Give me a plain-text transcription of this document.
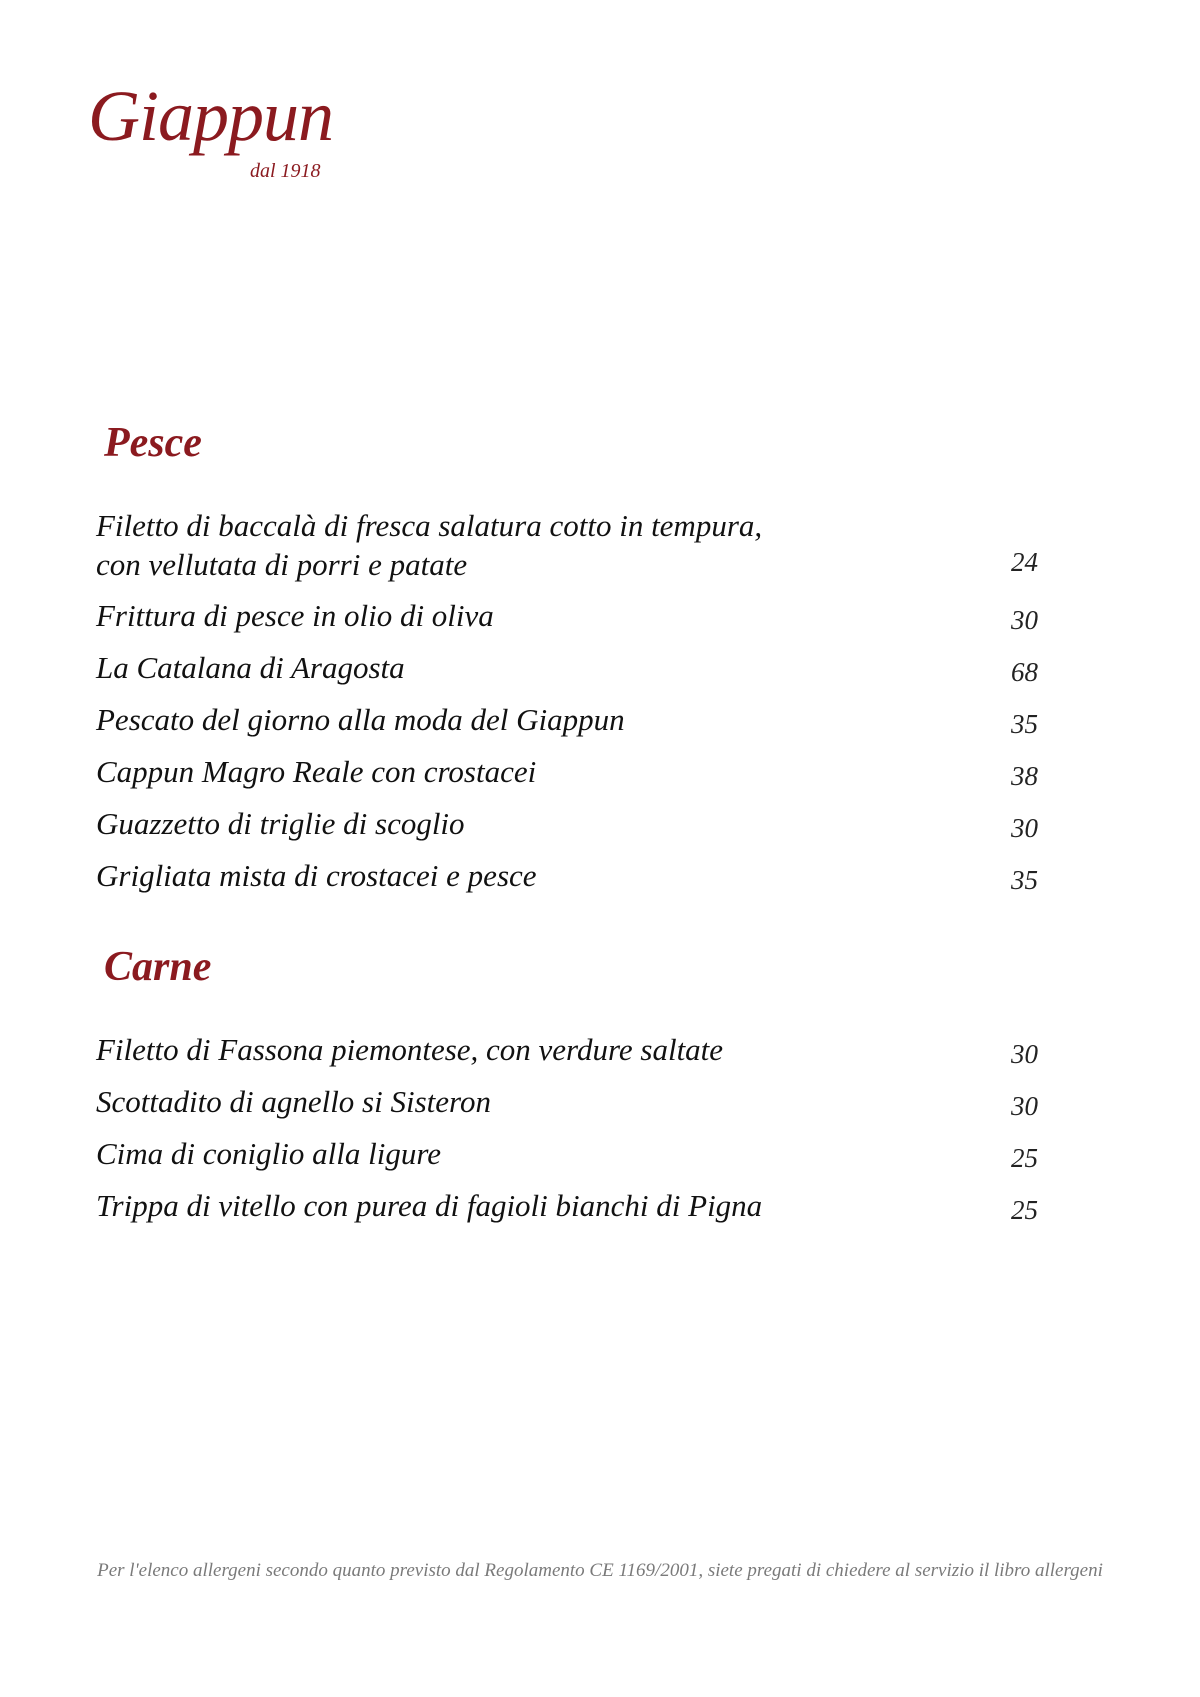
Giappun
dal 1918
Pesce
Filetto di baccalà di fresca salatura cotto in tempura,
con vellutata di porri e patate	24
Frittura di pesce in olio di oliva	30
La Catalana di Aragosta	68
Pescato del giorno alla moda del Giappun	35
Cappun Magro Reale con crostacei	38
Guazzetto di triglie di scoglio	30
Grigliata mista di crostacei e pesce	35
Carne
Filetto di Fassona piemontese, con verdure saltate	30
Scottadito di agnello si Sisteron	30
Cima di coniglio alla ligure	25
Trippa di vitello con purea di fagioli bianchi di Pigna	25
Per l'elenco allergeni secondo quanto previsto dal Regolamento CE 1169/2001, siete pregati di chiedere al servizio il libro allergeni
